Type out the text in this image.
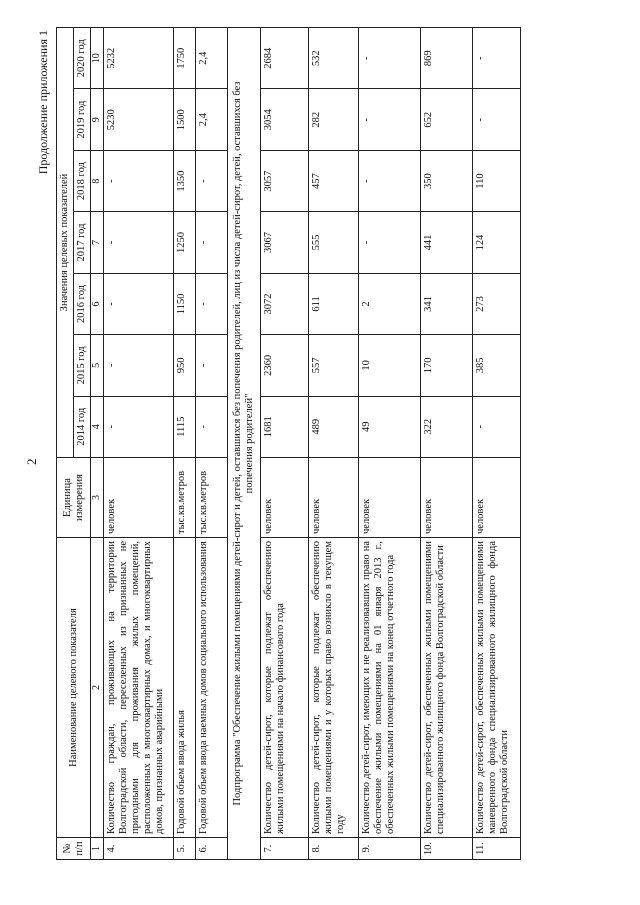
2
Продолжение приложения 1
№ п/п	Наименование целевого показателя	Единица измерения	Значения целевых показателей						
			2014 год	2015 год	2016 год	2017 год	2018 год	2019 год	2020 год
1	2	3	4	5	6	7	8	9	10
4.	Количество граждан, проживающих на территории Волгоградской области, переселенных из признанных не пригодными для проживания жилых помещений, расположенных в многоквартирных домах, и многоквартирных домов, признанных аварийными	человек	-	-	-	-	-	5230	5232
5.	Годовой объем ввода жилья	тыс.кв.метров	1115	950	1150	1250	1350	1500	1750
6.	Годовой объем ввода наемных домов социального использования	тыс.кв.метров	-	-	-	-	-	2,4	2,4
Подпрограмма "Обеспечение жилыми помещениями детей-сирот и детей, оставшихся без попечения родителей, лиц из числа детей-сирот, детей, оставшихся без попечения родителей"									
7.	Количество детей-сирот, которые подлежат обеспечению жилыми помещениями на начало финансового года	человек	1681	2360	3072	3067	3057	3054	2684
8.	Количество детей-сирот, которые подлежат обеспечению жилыми помещениями и у которых право возникло в текущем году	человек	489	557	611	555	457	282	532
9.	Количество детей-сирот, имеющих и не реализовавших право на обеспечение жилыми помещениями на 01 января 2013 г., обеспеченных жилыми помещениями на конец отчетного года	человек	49	10	2	-	-	-	-
10.	Количество детей-сирот, обеспеченных жилыми помещениями специализированного жилищного фонда Волгоградской области	человек	322	170	341	441	350	652	869
11.	Количество детей-сирот, обеспеченных жилыми помещениями маневренного фонда специализированного жилищного фонда Волгоградской области	человек	-	385	273	124	110	-	-
